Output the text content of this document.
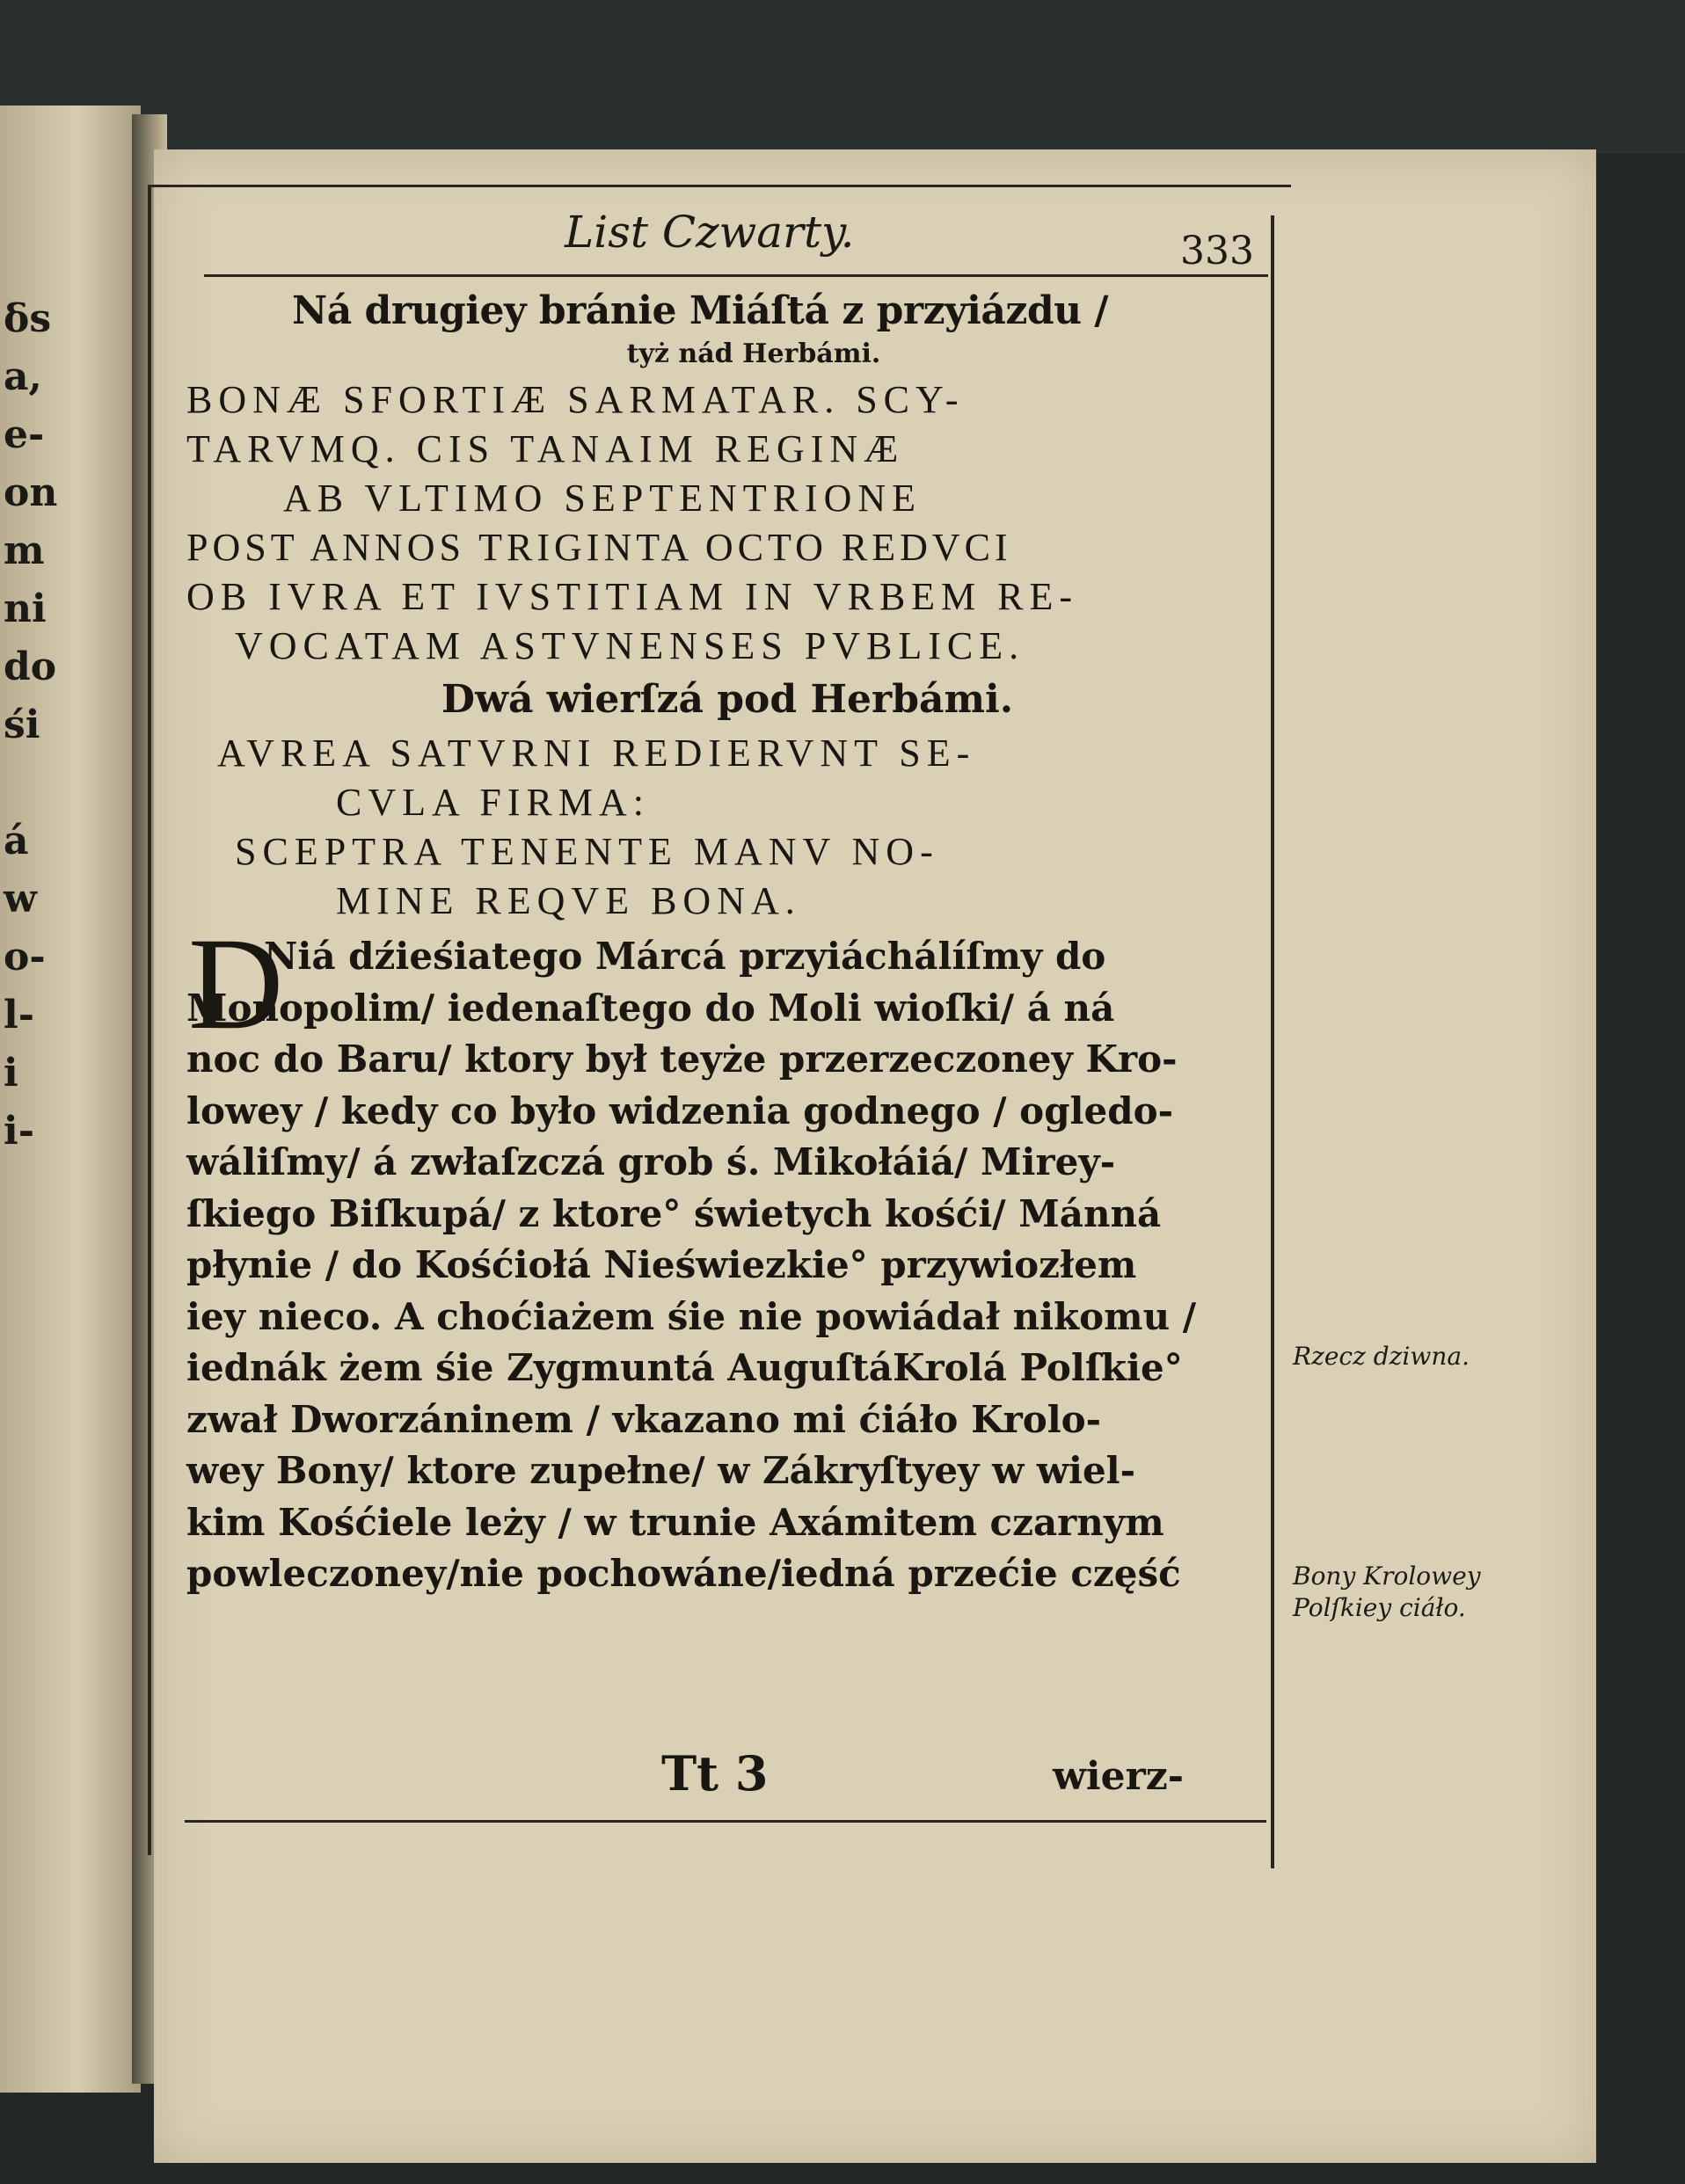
ẟs
a,
e-
on
m
ni
do
śi
á
w
o-
l-
i
i-
List Czwarty.	333
Ná drugiey bránie Miáſtá z przyiázdu /
tyż nád Herbámi.
BONÆ SFORTIÆ SARMATAR. SCY-
TARVMQ. CIS TANAIM REGINÆ
AB VLTIMO SEPTENTRIONE
POST ANNOS TRIGINTA OCTO REDVCI
OB IVRA ET IVSTITIAM IN VRBEM RE-
VOCATAM ASTVNENSES PVBLICE.
Dwá wierſzá pod Herbámi.
AVREA SATVRNI REDIERVNT SE-
CVLA FIRMA:
SCEPTRA TENENTE MANV NO-
MINE REQVE BONA.
D
Niá dźieśiatego Márcá przyiáchálíſmy do
Monopolim/ iedenaſtego do Moli wioſki/ á ná
noc do Baru/ ktory był teyże przerzeczoney Kro-
lowey / kedy co było widzenia godnego / ogledo-
wáliſmy/ á zwłaſzczá grob ś. Mikołáiá/ Mirey-
ſkiego Biſkupá/ z ktore° świetych kośći/ Mánná
płynie / do Kośćiołá Nieświezkie° przywiozłem
iey nieco. A choćiażem śie nie powiádał nikomu /
iednák żem śie Zygmuntá AuguſtáKrolá Polſkie°
zwał Dworzáninem / vkazano mi ćiáło Krolo-
wey Bony/ ktore zupełne/ w Zákryſtyey w wiel-
kim Kośćiele leży / w trunie Axámitem czarnym
powleczoney/nie pochowáne/iedná przećie część
Tt 3	wierz-
Rzecz dziwna.
Bony Krolowey
Polſkiey ciáło.
